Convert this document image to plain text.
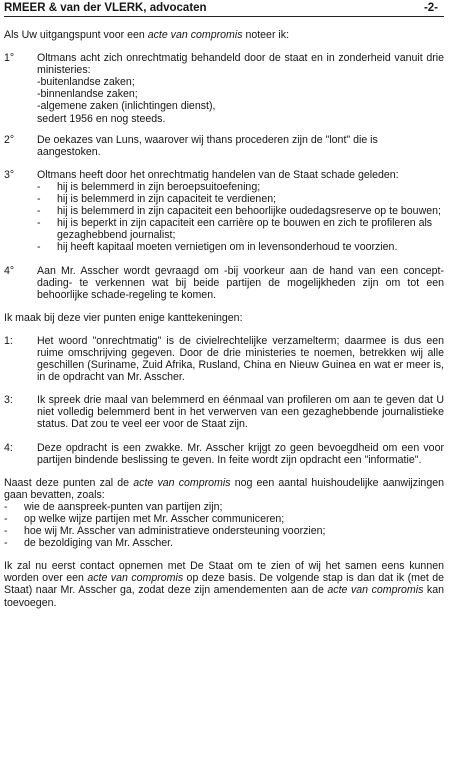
RMEER & van der VLERK, advocaten	-2-

Als Uw uitgangspunt voor een acte van compromis noteer ik:

1°	Oltmans acht zich onrechtmatig behandeld door de staat en in zonderheid vanuit drie ministeries:

-buitenlandse zaken;

-binnenlandse zaken;

-algemene zaken (inlichtingen dienst),

sedert 1956 en nog steeds.

2°	De oekazes van Luns, waarover wij thans procederen zijn de "lont" die is aangestoken.

3°	Oltmans heeft door het onrechtmatig handelen van de Staat schade geleden:

-	hij is belemmerd in zijn beroepsuitoefening;
-	hij is belemmerd in zijn capaciteit te verdienen;
-	hij is belemmerd in zijn capaciteit een behoorlijke oudedagsreserve op te bouwen;
-	hij is beperkt in zijn capaciteit een carrière op te bouwen en zich te profileren als gezaghebbend journalist;
-	hij heeft kapitaal moeten vernietigen om in levensonderhoud te voorzien.
4°	Aan Mr. Asscher wordt gevraagd om -bij voorkeur aan de hand van een concept-dading- te verkennen wat bij beide partijen de mogelijkheden zijn om tot een behoorlijke schade-regeling te komen.

Ik maak bij deze vier punten enige kanttekeningen:

1:	Het woord "onrechtmatig" is de civielrechtelijke verzamelterm; daarmee is dus een ruime omschrijving gegeven. Door de drie ministeries te noemen, betrekken wij alle geschillen (Suriname, Zuid Afrika, Rusland, China en Nieuw Guinea en wat er meer is, in de opdracht van Mr. Asscher.

3:	Ik spreek drie maal van belemmerd en éénmaal van profileren om aan te geven dat U niet volledig belemmerd bent in het verwerven van een gezaghebbende journalistieke status. Dat zou te veel eer voor de Staat zijn.

4:	Deze opdracht is een zwakke. Mr. Asscher krijgt zo geen bevoegdheid om een voor partijen bindende beslissing te geven. In feite wordt zijn opdracht een "informatie".

Naast deze punten zal de acte van compromis nog een aantal huishoudelijke aanwijzingen gaan bevatten, zoals:

-	wie de aanspreek-punten van partijen zijn;
-	op welke wijze partijen met Mr. Asscher communiceren;
-	hoe wij Mr. Asscher van administratieve ondersteuning voorzien;
-	de bezoldiging van Mr. Asscher.

Ik zal nu eerst contact opnemen met De Staat om te zien of wij het samen eens kunnen worden over een acte van compromis op deze basis. De volgende stap is dan dat ik (met de Staat) naar Mr. Asscher ga, zodat deze zijn amendementen aan de acte van compromis kan toevoegen.
